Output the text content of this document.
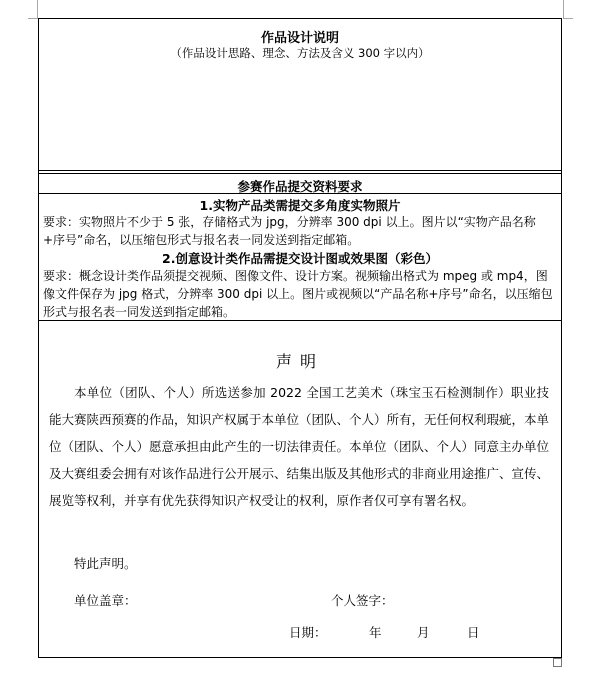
作品设计说明
（作品设计思路、理念、方法及含义 300 字以内）
参赛作品提交资料要求
1.实物产品类需提交多角度实物照片
要求：实物照片不少于 5 张，存储格式为 jpg，分辨率 300 dpi 以上。图片以“实物产品名称+序号”命名，以压缩包形式与报名表一同发送到指定邮箱。
2.创意设计类作品需提交设计图或效果图（彩色）
要求：概念设计类作品须提交视频、图像文件、设计方案。视频输出格式为 mpeg 或 mp4，图像文件保存为 jpg 格式，分辨率 300 dpi 以上。图片或视频以“产品名称+序号”命名，以压缩包形式与报名表一同发送到指定邮箱。
声明
本单位（团队、个人）所选送参加 2022 全国工艺美术（珠宝玉石检测制作）职业技能大赛陕西预赛的作品，知识产权属于本单位（团队、个人）所有，无任何权利瑕疵，本单位（团队、个人）愿意承担由此产生的一切法律责任。本单位（团队、个人）同意主办单位及大赛组委会拥有对该作品进行公开展示、结集出版及其他形式的非商业用途推广、宣传、展览等权利，并享有优先获得知识产权受让的权利，原作者仅可享有署名权。
特此声明。
单位盖章：	个人签字：
日期：	年	月	日
